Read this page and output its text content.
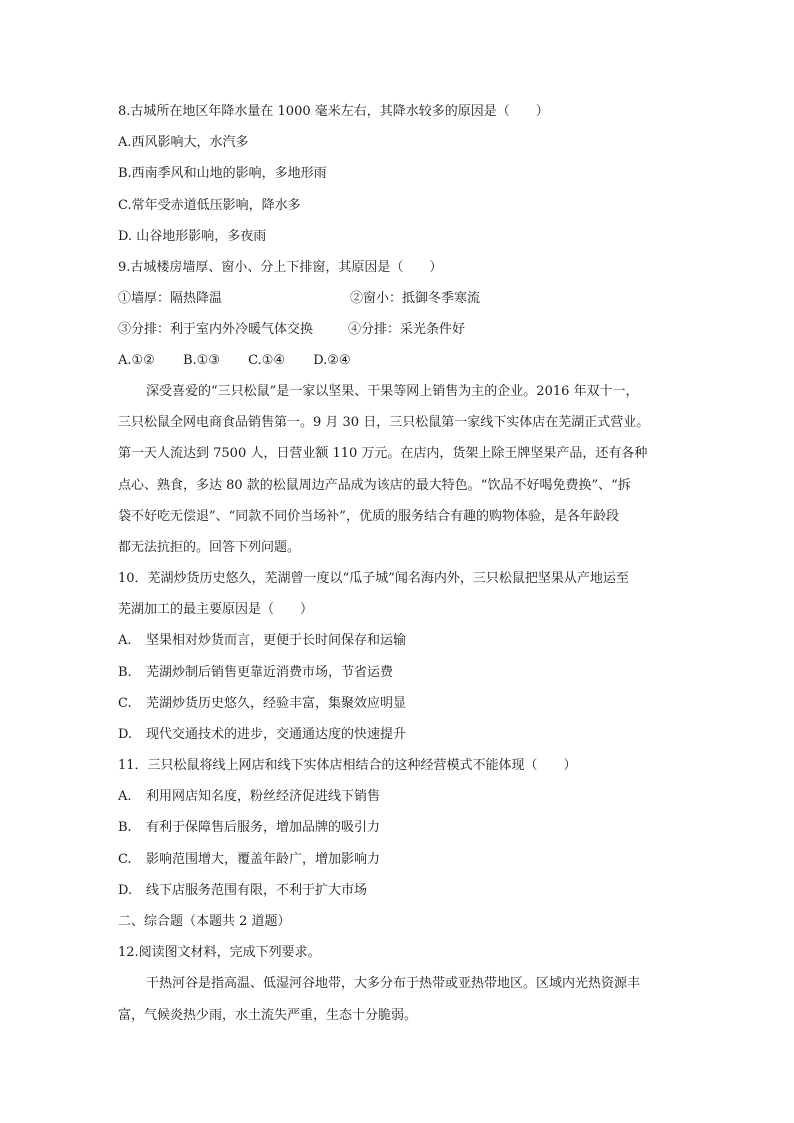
8.古城所在地区年降水量在 1000 毫米左右，其降水较多的原因是（　　）
A.西风影响大，水汽多
B.西南季风和山地的影响，多地形雨
C.常年受赤道低压影响，降水多
D. 山谷地形影响，多夜雨
9.古城楼房墙厚、窗小、分上下排窗，其原因是（　　）
①墙厚：隔热降温	②窗小：抵御冬季寒流
③分排：利于室内外冷暖气体交换	④分排：采光条件好
A.①② B.①③ C.①④ D.②④
深受喜爱的“三只松鼠”是一家以坚果、干果等网上销售为主的企业。2016 年双十一，
三只松鼠全网电商食品销售第一。9 月 30 日，三只松鼠第一家线下实体店在芜湖正式营业。
第一天人流达到 7500 人，日营业额 110 万元。在店内，货架上除王牌坚果产品，还有各种
点心、熟食，多达 80 款的松鼠周边产品成为该店的最大特色。“饮品不好喝免费换”、“拆
袋不好吃无偿退”、“同款不同价当场补”，优质的服务结合有趣的购物体验，是各年龄段
都无法抗拒的。回答下列问题。
10．芜湖炒货历史悠久，芜湖曾一度以“瓜子城”闻名海内外，三只松鼠把坚果从产地运至
芜湖加工的最主要原因是（　　）
A. 坚果相对炒货而言，更便于长时间保存和运输
B. 芜湖炒制后销售更靠近消费市场，节省运费
C. 芜湖炒货历史悠久，经验丰富，集聚效应明显
D. 现代交通技术的进步，交通通达度的快速提升
11．三只松鼠将线上网店和线下实体店相结合的这种经营模式不能体现（　　）
A. 利用网店知名度，粉丝经济促进线下销售
B. 有利于保障售后服务，增加品牌的吸引力
C. 影响范围增大，覆盖年龄广，增加影响力
D. 线下店服务范围有限，不利于扩大市场
二、综合题（本题共 2 道题）
12.阅读图文材料，完成下列要求。
干热河谷是指高温、低湿河谷地带，大多分布于热带或亚热带地区。区域内光热资源丰
富，气候炎热少雨，水土流失严重，生态十分脆弱。
